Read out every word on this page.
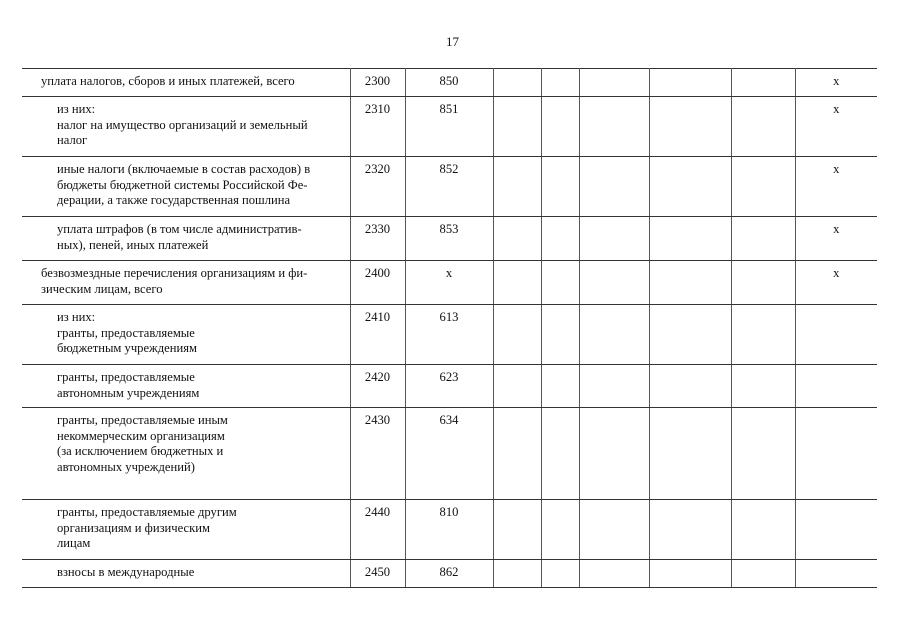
17
уплата налогов, сборов и иных платежей, всего	2300	850						x

из них:
налог на имущество организаций и земельный
налог	2310	851						x

иные налоги (включаемые в состав расходов) в
бюджеты бюджетной системы Российской Фе-
дерации, а также государственная пошлина	2320	852						x

уплата штрафов (в том числе административ-
ных), пеней, иных платежей	2330	853						x

безвозмездные перечисления организациям и фи-
зическим лицам, всего	2400	x						x

из них:
гранты, предоставляемые
бюджетным учреждениям	2410	613						

гранты, предоставляемые
автономным учреждениям	2420	623						

гранты, предоставляемые иным
некоммерческим организациям
(за исключением бюджетных и
автономных учреждений)	2430	634						

гранты, предоставляемые другим
организациям и физическим
лицам	2440	810						

взносы в международные	2450	862						
